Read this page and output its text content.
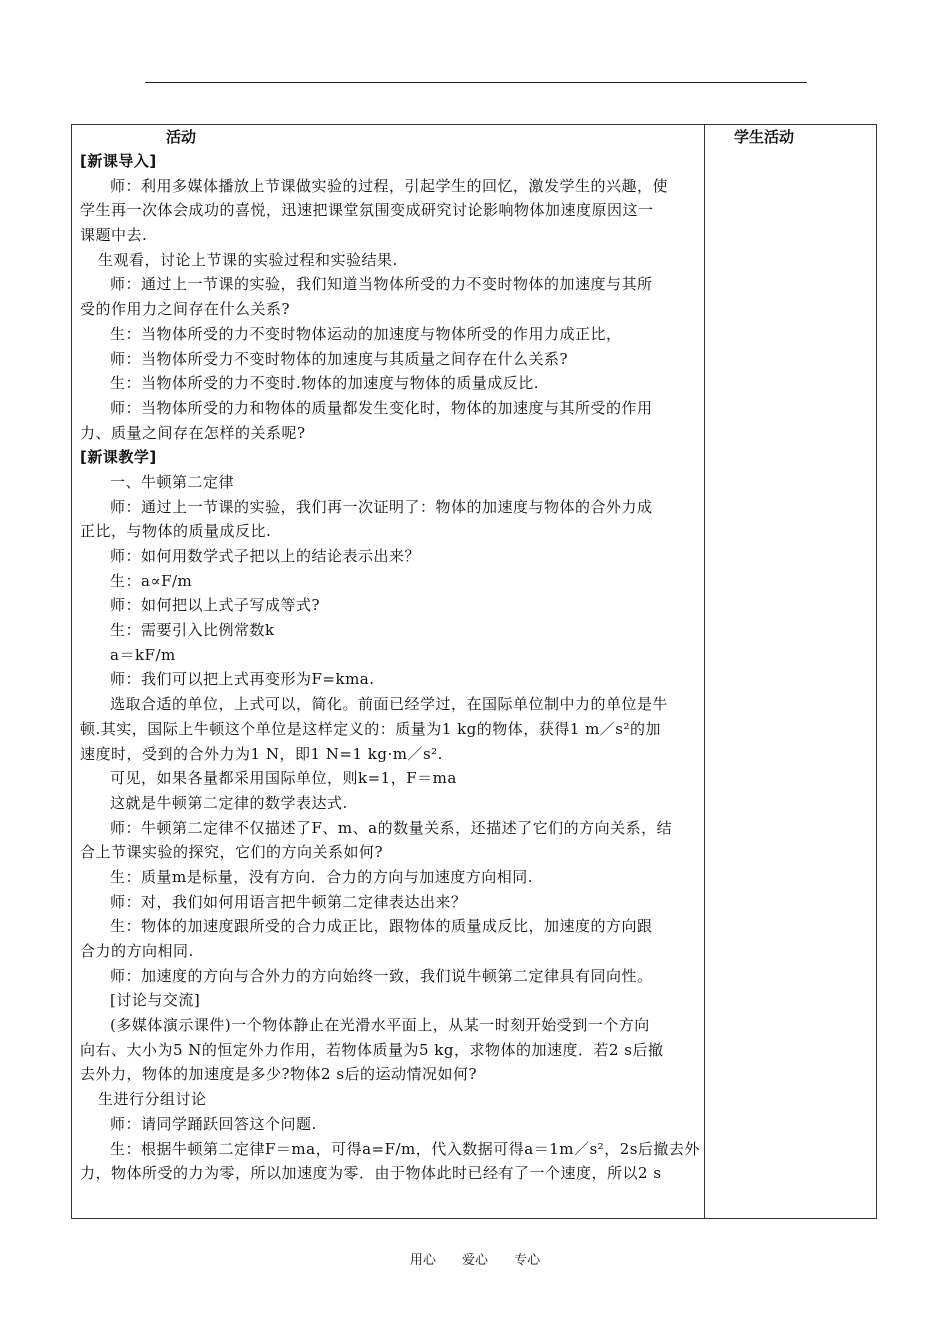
活动
[新课导入]
师：利用多媒体播放上节课做实验的过程，引起学生的回忆，激发学生的兴趣，使
学生再一次体会成功的喜悦，迅速把课堂氛围变成研究讨论影响物体加速度原因这一
课题中去.
生观看，讨论上节课的实验过程和实验结果.
师：通过上一节课的实验，我们知道当物体所受的力不变时物体的加速度与其所
受的作用力之间存在什么关系?
生：当物体所受的力不变时物体运动的加速度与物体所受的作用力成正比，
师：当物体所受力不变时物体的加速度与其质量之间存在什么关系?
生：当物体所受的力不变时.物体的加速度与物体的质量成反比.
师：当物体所受的力和物体的质量都发生变化时，物体的加速度与其所受的作用
力、质量之间存在怎样的关系呢?
[新课教学]
一、牛顿第二定律
师：通过上一节课的实验，我们再一次证明了：物体的加速度与物体的合外力成
正比，与物体的质量成反比.
师：如何用数学式子把以上的结论表示出来？
生：a∝F/m
师：如何把以上式子写成等式?
生：需要引入比例常数k
a＝kF/m
师：我们可以把上式再变形为F=kma.
选取合适的单位，上式可以，简化。前面已经学过，在国际单位制中力的单位是牛
顿.其实，国际上牛顿这个单位是这样定义的：质量为1 kg的物体，获得1 m／s²的加
速度时，受到的合外力为1 N，即1 N=1 kg·m／s².
可见，如果各量都采用国际单位，则k=1，F＝ma
这就是牛顿第二定律的数学表达式.
师：牛顿第二定律不仅描述了F、m、a的数量关系，还描述了它们的方向关系，结
合上节课实验的探究，它们的方向关系如何?
生：质量m是标量，没有方向．合力的方向与加速度方向相同.
师：对，我们如何用语言把牛顿第二定律表达出来？
生：物体的加速度跟所受的合力成正比，跟物体的质量成反比，加速度的方向跟
合力的方向相同.
师：加速度的方向与合外力的方向始终一致，我们说牛顿第二定律具有同向性。
[讨论与交流]
(多媒体演示课件)一个物体静止在光滑水平面上，从某一时刻开始受到一个方向
向右、大小为5 N的恒定外力作用，若物体质量为5 kg，求物体的加速度．若2 s后撤
去外力，物体的加速度是多少?物体2 s后的运动情况如何?
生进行分组讨论
师：请同学踊跃回答这个问题.
生：根据牛顿第二定律F＝ma，可得a=F/m，代入数据可得a＝1m／s²，2s后撤去外
力，物体所受的力为零，所以加速度为零．由于物体此时已经有了一个速度，所以2 s
学生活动
用心 爱心 专心
